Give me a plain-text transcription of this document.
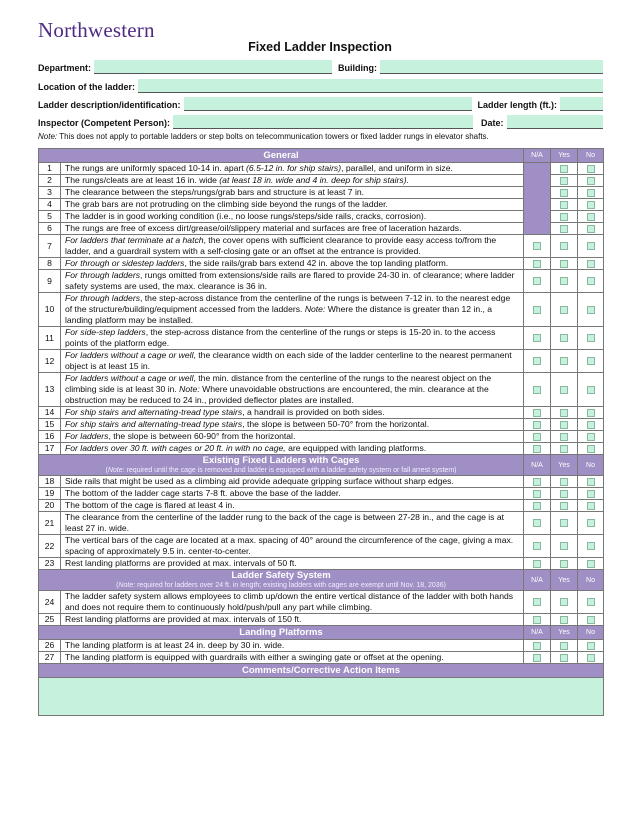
Northwestern
Fixed Ladder Inspection
Department:	Building:
Location of the ladder:
Ladder description/identification:	Ladder length (ft.):
Inspector (Competent Person):	Date:
Note: This does not apply to portable ladders or step bolts on telecommunication towers or fixed ladder rungs in elevator shafts.
General		N/A	Yes	No
1	The rungs are uniformly spaced 10-14 in. apart (6.5-12 in. for ship stairs), parallel, and uniform in size.			
2	The rungs/cleats are at least 16 in. wide (at least 18 in. wide and 4 in. deep for ship stairs).			
3	The clearance between the steps/rungs/grab bars and structure is at least 7 in.			
4	The grab bars are not protruding on the climbing side beyond the rungs of the ladder.			
5	The ladder is in good working condition (i.e., no loose rungs/steps/side rails, cracks, corrosion).			
6	The rungs are free of excess dirt/grease/oil/slippery material and surfaces are free of laceration hazards.			
7	For ladders that terminate at a hatch, the cover opens with sufficient clearance to provide easy access to/from the ladder, and a guardrail system with a self-closing gate or an offset at the entrance is provided.			
8	For through or sidestep ladders, the side rails/grab bars extend 42 in. above the top landing platform.			
9	For through ladders, rungs omitted from extensions/side rails are flared to provide 24-30 in. of clearance; where ladder safety systems are used, the max. clearance is 36 in.			
10	For through ladders, the step-across distance from the centerline of the rungs is between 7-12 in. to the nearest edge of the structure/building/equipment accessed from the ladders. Note: Where the distance is greater than 12 in., a landing platform may be installed.			
11	For side-step ladders, the step-across distance from the centerline of the rungs or steps is 15-20 in. to the access points of the platform edge.			
12	For ladders without a cage or well, the clearance width on each side of the ladder centerline to the nearest permanent object is at least 15 in.			
13	For ladders without a cage or well, the min. distance from the centerline of the rungs to the nearest object on the climbing side is at least 30 in. Note: Where unavoidable obstructions are encountered, the min. clearance at the obstruction may be reduced to 24 in., provided deflector plates are installed.			
14	For ship stairs and alternating-tread type stairs, a handrail is provided on both sides.			
15	For ship stairs and alternating-tread type stairs, the slope is between 50-70° from the horizontal.			
16	For ladders, the slope is between 60-90° from the horizontal.			
17	For ladders over 30 ft. with cages or 20 ft. in with no cage, are equipped with landing platforms.			
Existing Fixed Ladders with Cages
(Note: required until the cage is removed and ladder is equipped with a ladder safety system or fall arrest system)		N/A	Yes	No
18	Side rails that might be used as a climbing aid provide adequate gripping surface without sharp edges.			
19	The bottom of the ladder cage starts 7-8 ft. above the base of the ladder.			
20	The bottom of the cage is flared at least 4 in.			
21	The clearance from the centerline of the ladder rung to the back of the cage is between 27-28 in., and the cage is at least 27 in. wide.			
22	The vertical bars of the cage are located at a max. spacing of 40° around the circumference of the cage, giving a max. spacing of approximately 9.5 in. center-to-center.			
23	Rest landing platforms are provided at max. intervals of 50 ft.			
Ladder Safety System
(Note: required for ladders over 24 ft. in length; existing ladders with cages are exempt until Nov. 18, 2036)		N/A	Yes	No
24	The ladder safety system allows employees to climb up/down the entire vertical distance of the ladder with both hands and does not require them to continuously hold/push/pull any part while climbing.			
25	Rest landing platforms are provided at max. intervals of 150 ft.			
Landing Platforms		N/A	Yes	No
26	The landing platform is at least 24 in. deep by 30 in. wide.			
27	The landing platform is equipped with guardrails with either a swinging gate or offset at the opening.			
Comments/Corrective Action Items				
